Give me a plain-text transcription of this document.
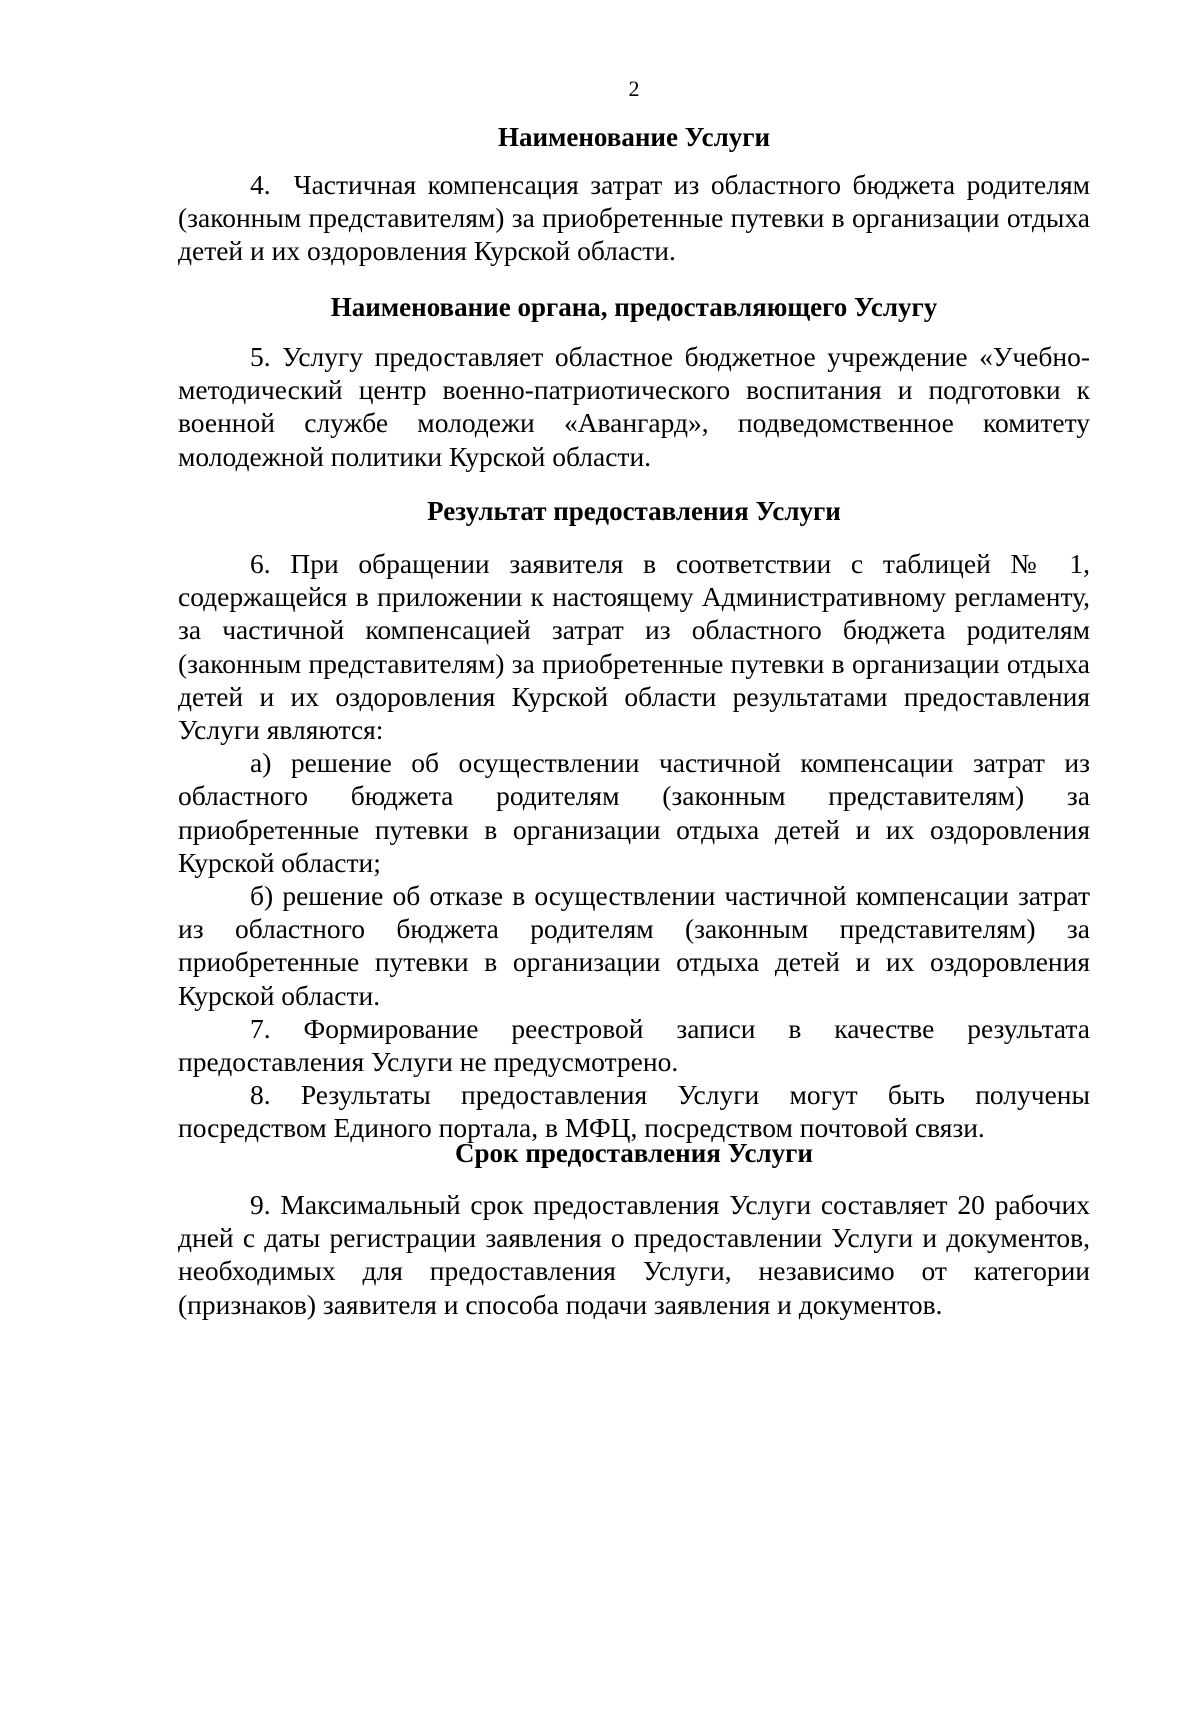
2
Наименование Услуги

4.  Частичная компенсация затрат из областного бюджета родителям (законным представителям) за приобретенные путевки в организации отдыха детей и их оздоровления Курской области.

Наименование органа, предоставляющего Услугу

5. Услугу предоставляет областное бюджетное учреждение «Учебно-методический центр военно-патриотического воспитания и подготовки к военной службе молодежи «Авангард», подведомственное комитету молодежной политики Курской области.

Результат предоставления Услуги

6. При обращении заявителя в соответствии с таблицей № 1, содержащейся в приложении к настоящему Административному регламенту, за частичной компенсацией затрат из областного бюджета родителям (законным представителям) за приобретенные путевки в организации отдыха детей и их оздоровления Курской области результатами предоставления Услуги являются:

а) решение об осуществлении частичной компенсации затрат из областного бюджета родителям (законным представителям) за приобретенные путевки в организации отдыха детей и их оздоровления Курской области;

б) решение об отказе в осуществлении частичной компенсации затрат из областного бюджета родителям (законным представителям) за приобретенные путевки в организации отдыха детей и их оздоровления Курской области.

7. Формирование реестровой записи в качестве результата предоставления Услуги не предусмотрено.

8. Результаты предоставления Услуги могут быть получены посредством Единого портала, в МФЦ, посредством почтовой связи.

Срок предоставления Услуги

9. Максимальный срок предоставления Услуги составляет 20 рабочих дней с даты регистрации заявления о предоставлении Услуги и документов, необходимых для предоставления Услуги, независимо от категории (признаков) заявителя и способа подачи заявления и документов.
